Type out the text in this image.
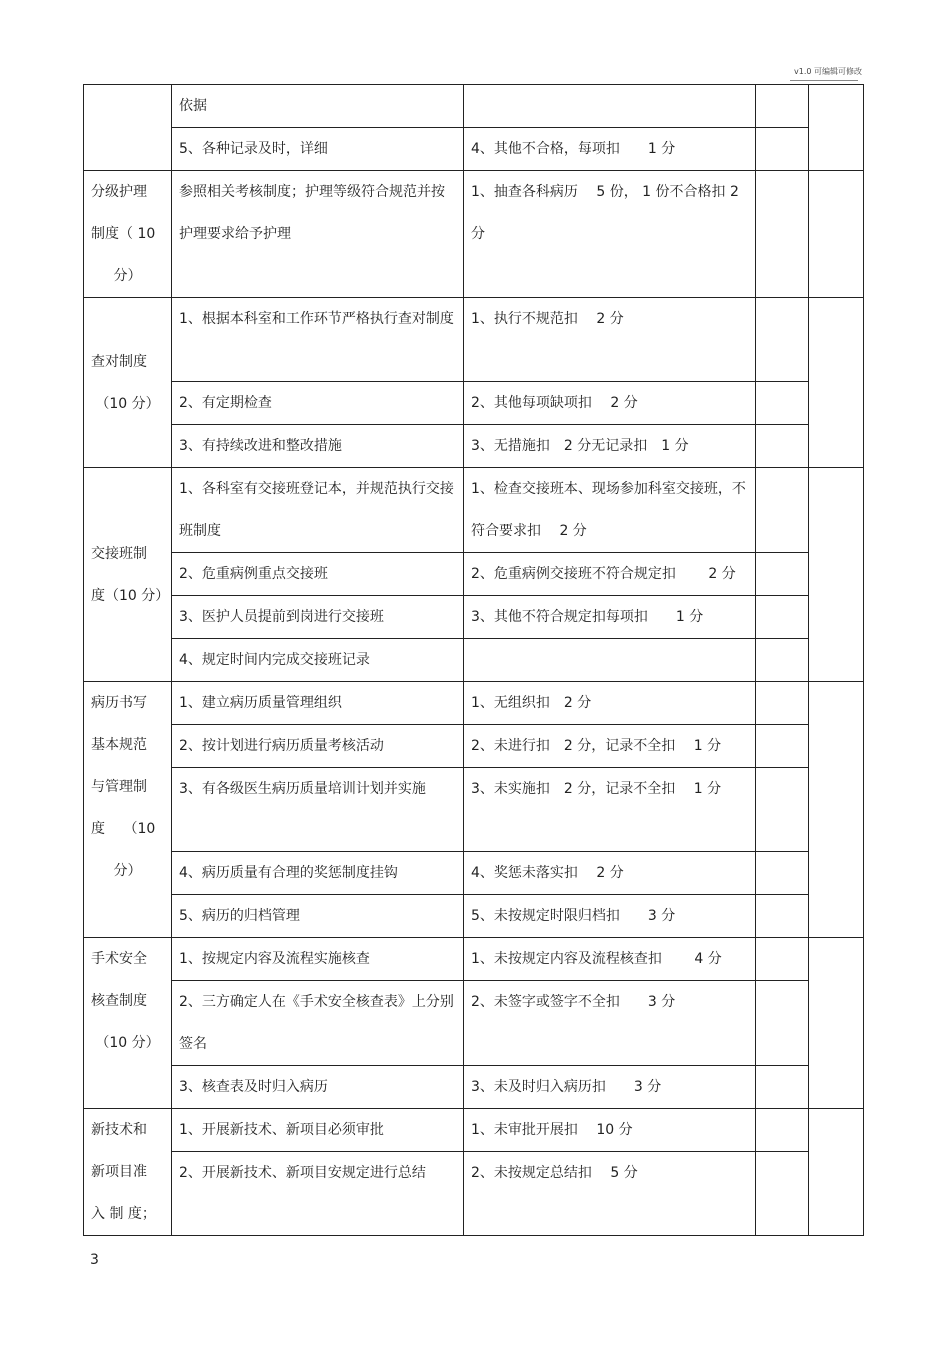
v1.0 可编辑可修改
	依据			
	5、各种记录及时，详细	4、其他不合格，每项扣　　1 分		

分级护理
制度（ 10
分）	参照相关考核制度；护理等级符合规范并按护理要求给予护理	1、抽查各科病历　 5 份， 1 份不合格扣 2 分		

查对制度
（10 分）	1、根据本科室和工作环节严格执行查对制度	1、执行不规范扣　 2 分		
	2、有定期检查	2、其他每项缺项扣　 2 分		
	3、有持续改进和整改措施	3、无措施扣　2 分无记录扣　1 分		

交接班制
度（10 分）	1、各科室有交接班登记本，并规范执行交接班制度	1、检查交接班本、现场参加科室交接班，不符合要求扣　 2 分		
	2、危重病例重点交接班	2、危重病例交接班不符合规定扣　　 2 分		
	3、医护人员提前到岗进行交接班	3、其他不符合规定扣每项扣　　1 分		
	4、规定时间内完成交接班记录			

病历书写
基本规范
与管理制
度　 （10
分）	1、建立病历质量管理组织	1、无组织扣　2 分		
	2、按计划进行病历质量考核活动	2、未进行扣　2 分，记录不全扣　 1 分		
	3、有各级医生病历质量培训计划并实施	3、未实施扣　2 分，记录不全扣　 1 分		
	4、病历质量有合理的奖惩制度挂钩	4、奖惩未落实扣　 2 分		
	5、病历的归档管理	5、未按规定时限归档扣　　3 分		

手术安全
核查制度
（10 分）	1、按规定内容及流程实施核查	1、未按规定内容及流程核查扣　　 4 分		
	2、三方确定人在《手术安全核查表》上分别签名	2、未签字或签字不全扣　　3 分		
	3、核查表及时归入病历	3、未及时归入病历扣　　3 分		

新技术和
新项目准
入 制 度；	1、开展新技术、新项目必须审批	1、未审批开展扣　 10 分		
	2、开展新技术、新项目安规定进行总结	2、未按规定总结扣　 5 分		
3
